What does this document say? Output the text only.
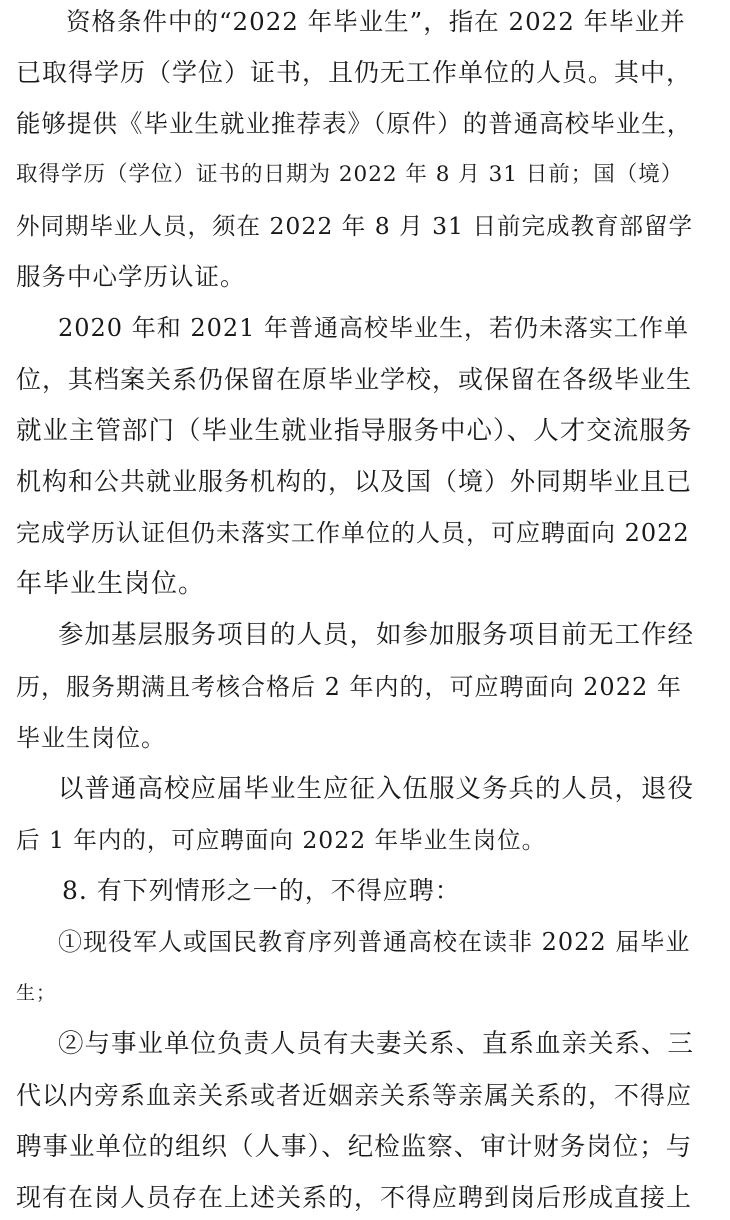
资格条件中的“2022 年毕业生”，指在 2022 年毕业并
已取得学历（学位）证书，且仍无工作单位的人员。其中，
能够提供《毕业生就业推荐表》（原件）的普通高校毕业生，
取得学历（学位）证书的日期为 2022 年 8 月 31 日前；国（境）
外同期毕业人员，须在 2022 年 8 月 31 日前完成教育部留学
服务中心学历认证。
2020 年和 2021 年普通高校毕业生，若仍未落实工作单
位，其档案关系仍保留在原毕业学校，或保留在各级毕业生
就业主管部门（毕业生就业指导服务中心）、人才交流服务
机构和公共就业服务机构的，以及国（境）外同期毕业且已
完成学历认证但仍未落实工作单位的人员，可应聘面向 2022
年毕业生岗位。
参加基层服务项目的人员，如参加服务项目前无工作经
历，服务期满且考核合格后 2 年内的，可应聘面向 2022 年
毕业生岗位。
以普通高校应届毕业生应征入伍服义务兵的人员，退役
后 1 年内的，可应聘面向 2022 年毕业生岗位。
8. 有下列情形之一的，不得应聘：
①现役军人或国民教育序列普通高校在读非 2022 届毕业
生；
②与事业单位负责人员有夫妻关系、直系血亲关系、三
代以内旁系血亲关系或者近姻亲关系等亲属关系的，不得应
聘事业单位的组织（人事）、纪检监察、审计财务岗位；与
现有在岗人员存在上述关系的，不得应聘到岗后形成直接上
